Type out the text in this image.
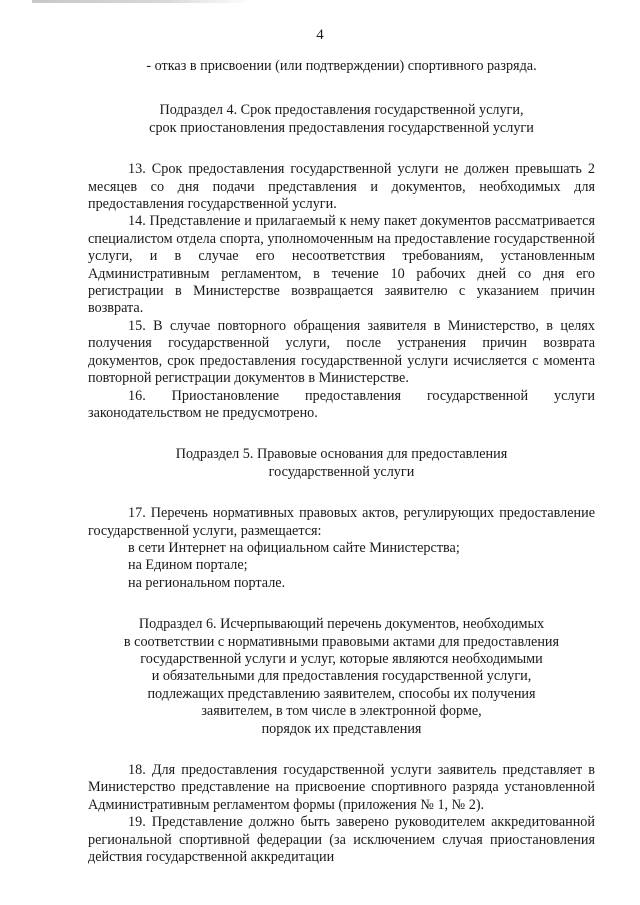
4

- отказ в присвоении (или подтверждении) спортивного разряда.

Подраздел 4. Срок предоставления государственной услуги,
срок приостановления предоставления государственной услуги

13. Срок предоставления государственной услуги не должен превышать 2 месяцев со дня подачи представления и документов, необходимых для предоставления государственной услуги.

14. Представление и прилагаемый к нему пакет документов рассматривается специалистом отдела спорта, уполномоченным на предоставление государственной услуги, и в случае его несоответствия требованиям, установленным Административным регламентом, в течение 10 рабочих дней со дня его регистрации в Министерстве возвращается заявителю с указанием причин возврата.

15. В случае повторного обращения заявителя в Министерство, в целях получения государственной услуги, после устранения причин возврата документов, срок предоставления государственной услуги исчисляется с момента повторной регистрации документов в Министерстве.

16. Приостановление предоставления государственной услуги законодательством не предусмотрено.

Подраздел 5. Правовые основания для предоставления
государственной услуги

17. Перечень нормативных правовых актов, регулирующих предоставление государственной услуги, размещается:

в сети Интернет на официальном сайте Министерства;

на Едином портале;

на региональном портале.

Подраздел 6. Исчерпывающий перечень документов, необходимых
в соответствии с нормативными правовыми актами для предоставления
государственной услуги и услуг, которые являются необходимыми
и обязательными для предоставления государственной услуги,
подлежащих представлению заявителем, способы их получения
заявителем, в том числе в электронной форме,
порядок их представления

18. Для предоставления государственной услуги заявитель представляет в Министерство представление на присвоение спортивного разряда установленной Административным регламентом формы (приложения № 1, № 2).

19. Представление должно быть заверено руководителем аккредитованной региональной спортивной федерации (за исключением случая приостановления действия государственной аккредитации
